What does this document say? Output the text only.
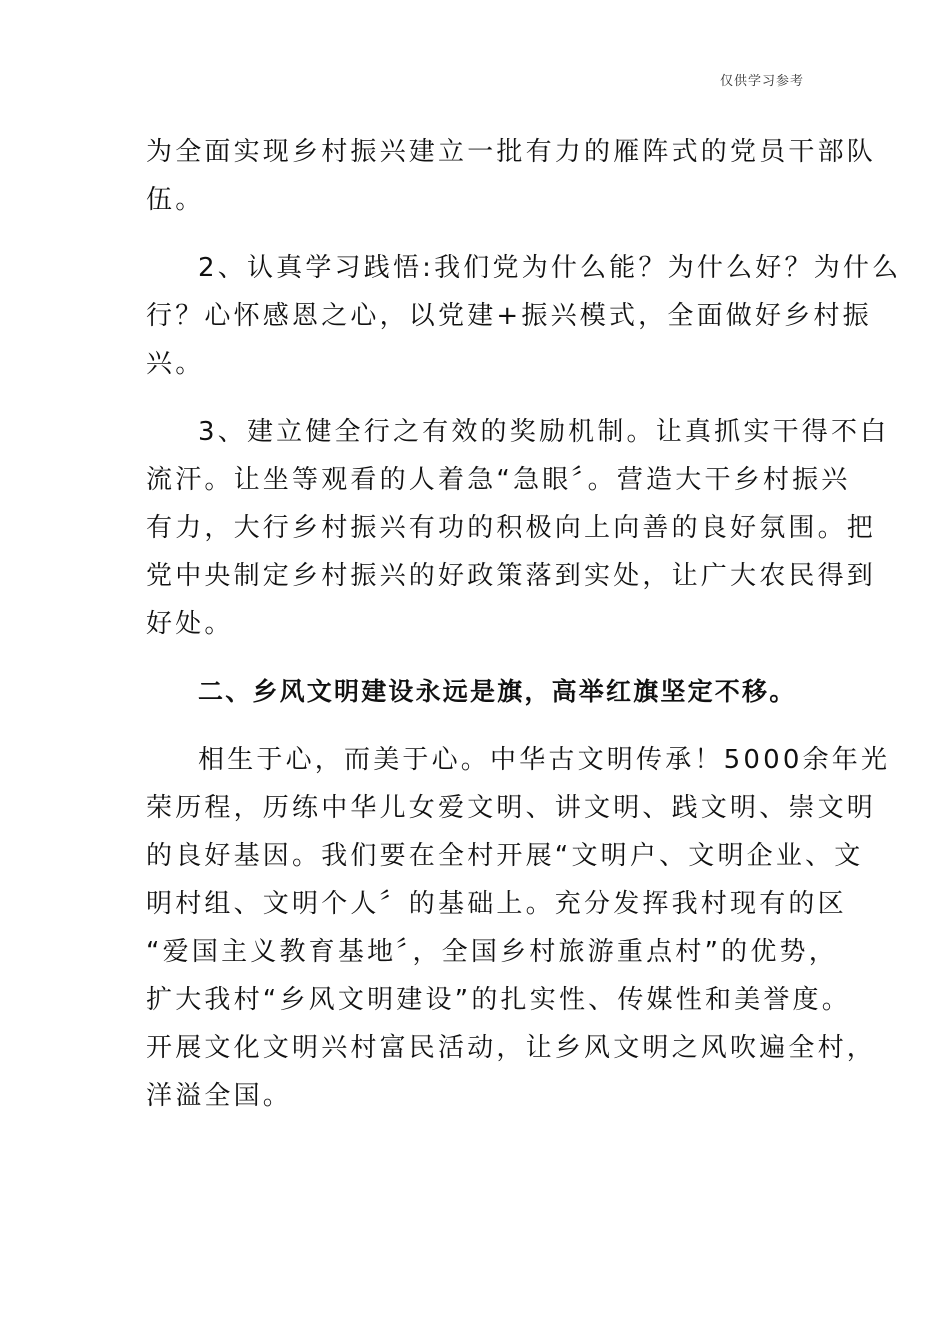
仅供学习参考
为全面实现乡村振兴建立一批有力的雁阵式的党员干部队
伍。
2、认真学习践悟:我们党为什么能？为什么好？为什么
行？心怀感恩之心，以党建+振兴模式，全面做好乡村振
兴。
3、建立健全行之有效的奖励机制。让真抓实干得不白
流汗。让坐等观看的人着急“急眼〞。营造大干乡村振兴
有力，大行乡村振兴有功的积极向上向善的良好氛围。把
党中央制定乡村振兴的好政策落到实处，让广大农民得到
好处。
二、乡风文明建设永远是旗，高举红旗坚定不移。
相生于心，而美于心。中华古文明传承！5000余年光
荣历程，历练中华儿女爱文明、讲文明、践文明、崇文明
的良好基因。我们要在全村开展“文明户、文明企业、文
明村组、文明个人〞的基础上。充分发挥我村现有的区
“爱国主义教育基地〞，全国乡村旅游重点村”的优势，
扩大我村“乡风文明建设”的扎实性、传媒性和美誉度。
开展文化文明兴村富民活动，让乡风文明之风吹遍全村，
洋溢全国。
